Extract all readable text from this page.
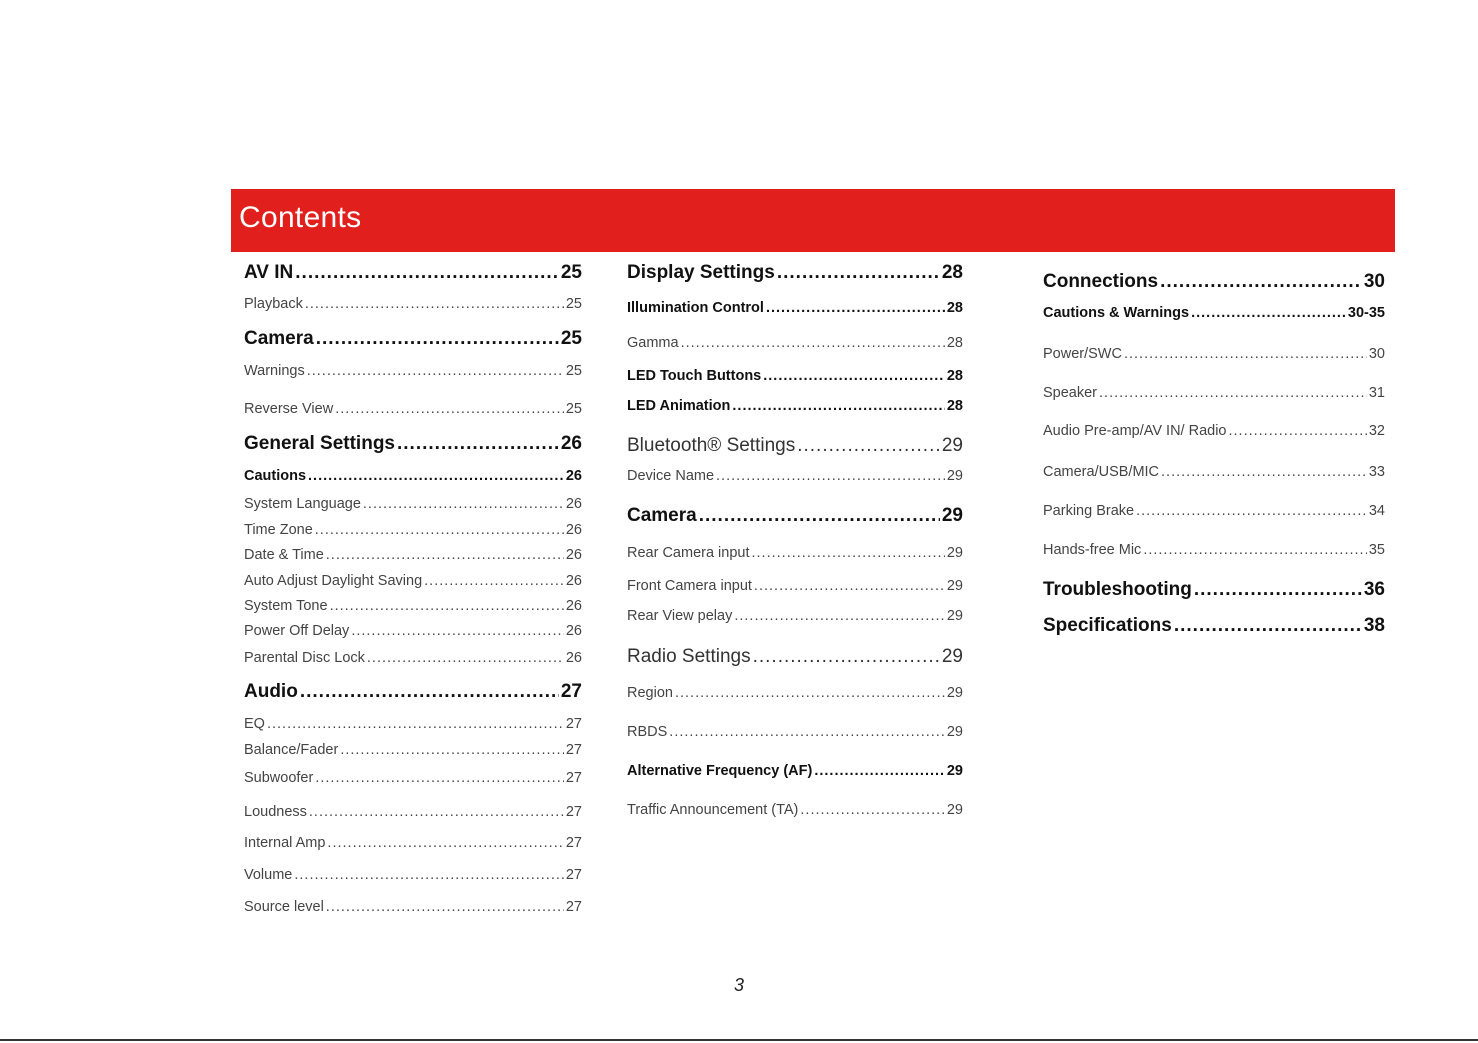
Contents
AV IN .....	25
Playback .....	25
Camera .....	25
Warnings .....	25
Reverse View .....	25
General Settings .....	26
Cautions .....	26
System Language .....	26
Time Zone .....	26
Date & Time .....	26
Auto Adjust Daylight Saving .....	26
System Tone .....	26
Power Off Delay .....	26
Parental Disc Lock .....	26
Audio .....	27
EQ .....	27
Balance/Fader .....	27
Subwoofer .....	27
Loudness .....	27
Internal Amp .....	27
Volume .....	27
Source level .....	27
Display Settings .....	28
Illumination Control .....	28
Gamma .....	28
LED Touch Buttons .....	28
LED Animation .....	28
Bluetooth® Settings .....	29
Device Name .....	29
Camera .....	29
Rear Camera input .....	29
Front Camera input .....	29
Rear View pelay .....	29
Radio Settings .....	29
Region .....	29
RBDS .....	29
Alternative Frequency (AF) .....	29
Traffic Announcement (TA) .....	29
Connections .....	30
Cautions & Warnings .....	30-35
Power/SWC .....	30
Speaker .....	31
Audio Pre-amp/AV IN/ Radio .....	32
Camera/USB/MIC .....	33
Parking Brake .....	34
Hands-free Mic .....	35
Troubleshooting .....	36
Specifications .....	38
3
